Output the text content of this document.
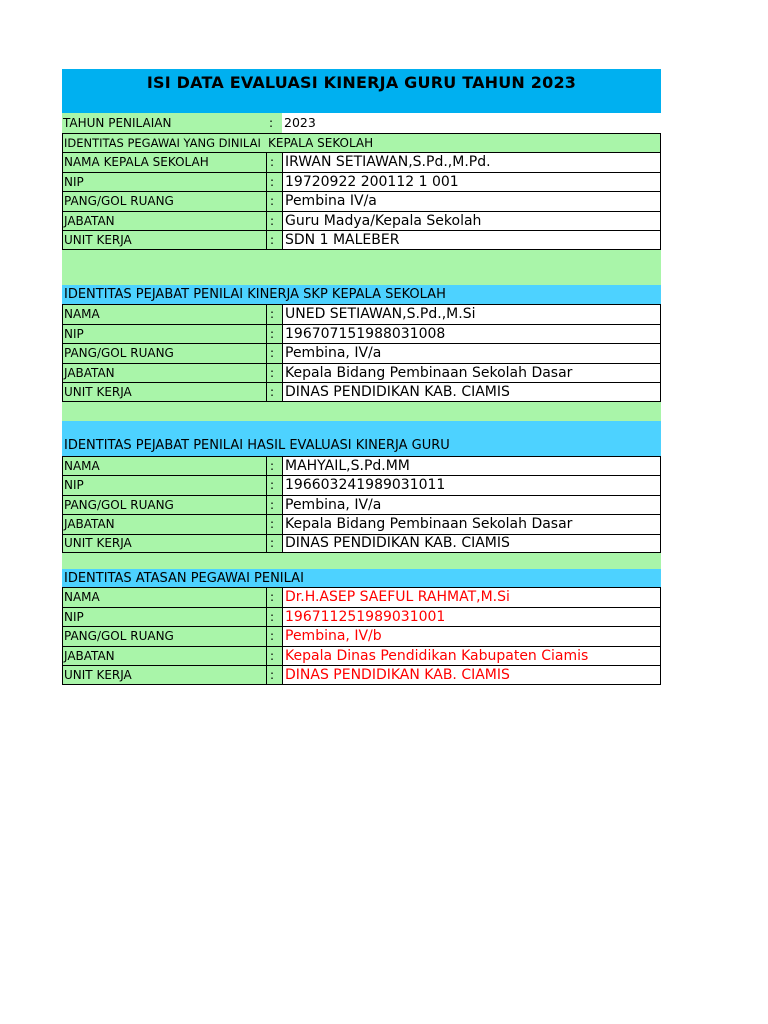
ISI DATA EVALUASI KINERJA GURU TAHUN 2023
TAHUN PENILAIAN	: 2023
IDENTITAS PEGAWAI YANG DINILAI KEPALA SEKOLAH
NAMA KEPALA SEKOLAH	: IRWAN SETIAWAN,S.Pd.,M.Pd.
NIP	: 19720922 200112 1 001
PANG/GOL RUANG	: Pembina IV/a
JABATAN	: Guru Madya/Kepala Sekolah
UNIT KERJA	: SDN 1 MALEBER
IDENTITAS PEJABAT PENILAI KINERJA SKP KEPALA SEKOLAH
NAMA	: UNED SETIAWAN,S.Pd.,M.Si
NIP	: 196707151988031008
PANG/GOL RUANG	: Pembina, IV/a
JABATAN	: Kepala Bidang Pembinaan Sekolah Dasar
UNIT KERJA	: DINAS PENDIDIKAN KAB. CIAMIS
IDENTITAS PEJABAT PENILAI HASIL EVALUASI KINERJA GURU
NAMA	: MAHYAIL,S.Pd.MM
NIP	: 196603241989031011
PANG/GOL RUANG	: Pembina, IV/a
JABATAN	: Kepala Bidang Pembinaan Sekolah Dasar
UNIT KERJA	: DINAS PENDIDIKAN KAB. CIAMIS
IDENTITAS ATASAN PEGAWAI PENILAI
NAMA	: Dr.H.ASEP SAEFUL RAHMAT,M.Si
NIP	: 196711251989031001
PANG/GOL RUANG	: Pembina, IV/b
JABATAN	: Kepala Dinas Pendidikan Kabupaten Ciamis
UNIT KERJA	: DINAS PENDIDIKAN KAB. CIAMIS
